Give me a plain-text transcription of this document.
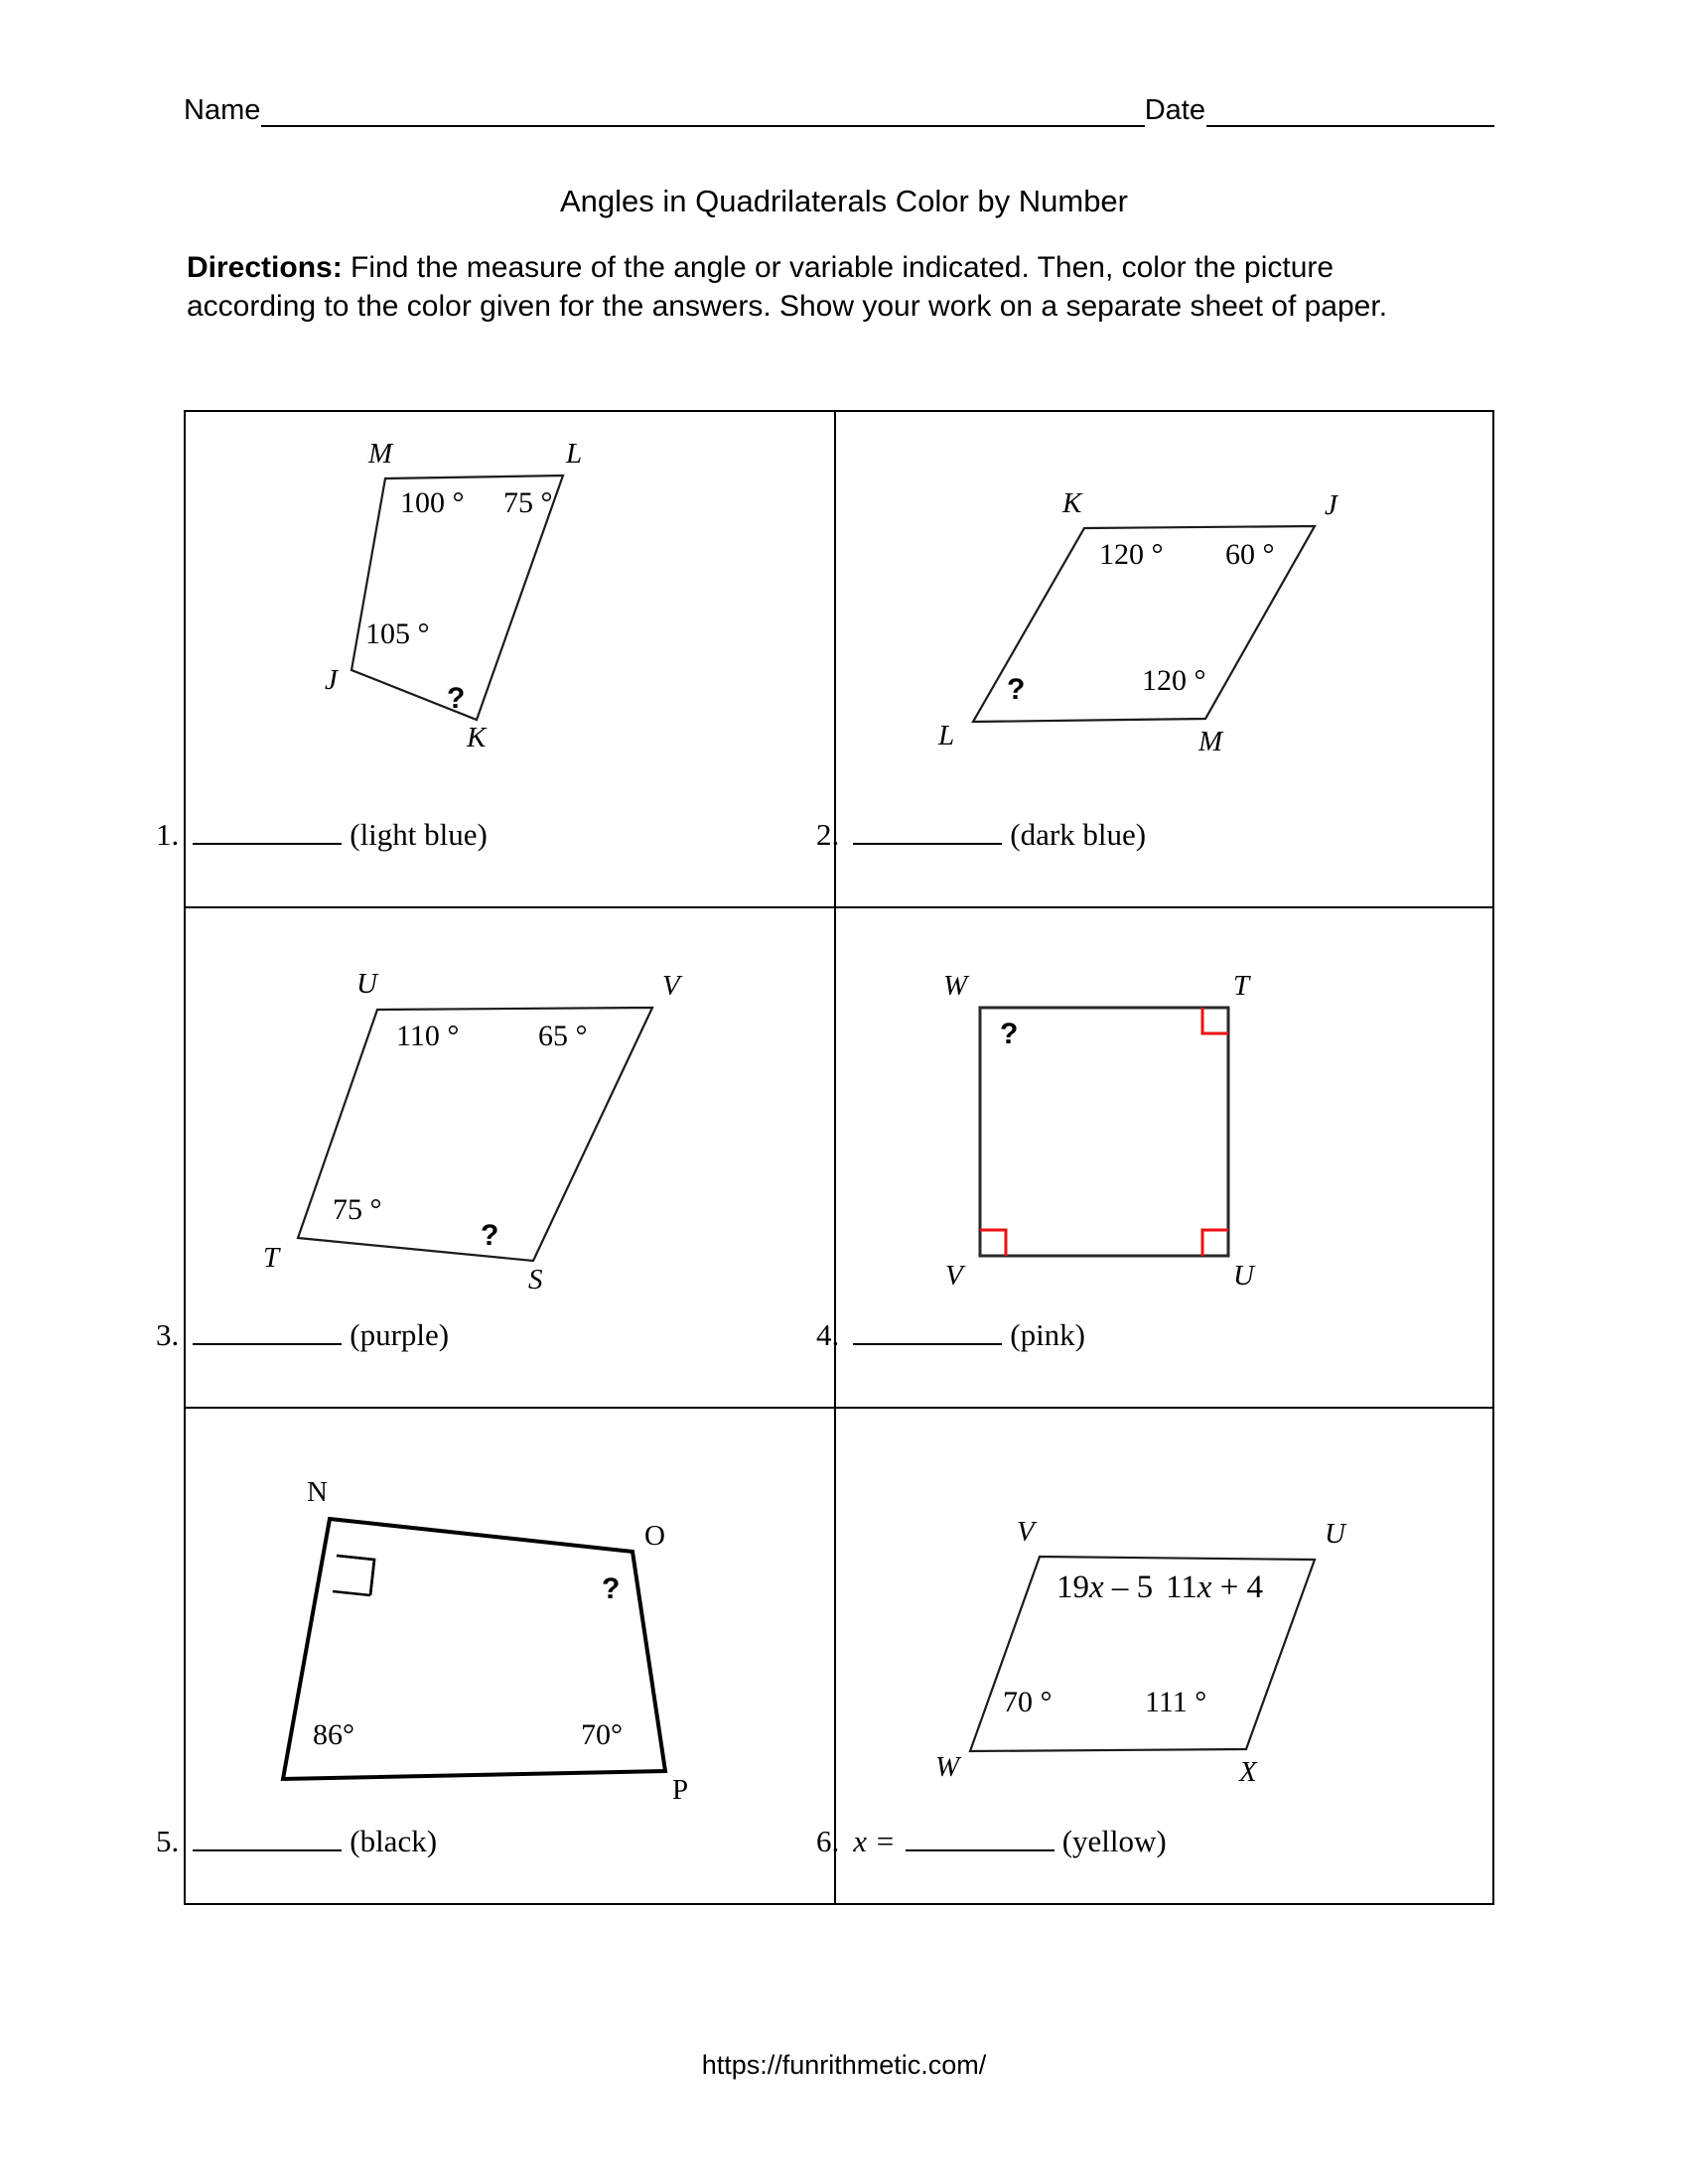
Name	Date
Angles in Quadrilaterals Color by Number
Directions: Find the measure of the angle or variable indicated. Then, color the picture according to the color given for the answers. Show your work on a separate sheet of paper.
M	L
J
K
100 ° 75 °
105 °
?
1.	(light blue)
K	J
L	M
120 ° 60 °
120 °
?
2.	(dark blue)
U	V
T
S
110 °	65 °
75 °
?
3.	(purple)
W	T
V	U
?
4.	(pink)
N
O
P
86°	70°
?
5.	(black)
V	U
W	X
19x – 5 11x + 4
70 °	111 °
6. x =	(yellow)
https://funrithmetic.com/
